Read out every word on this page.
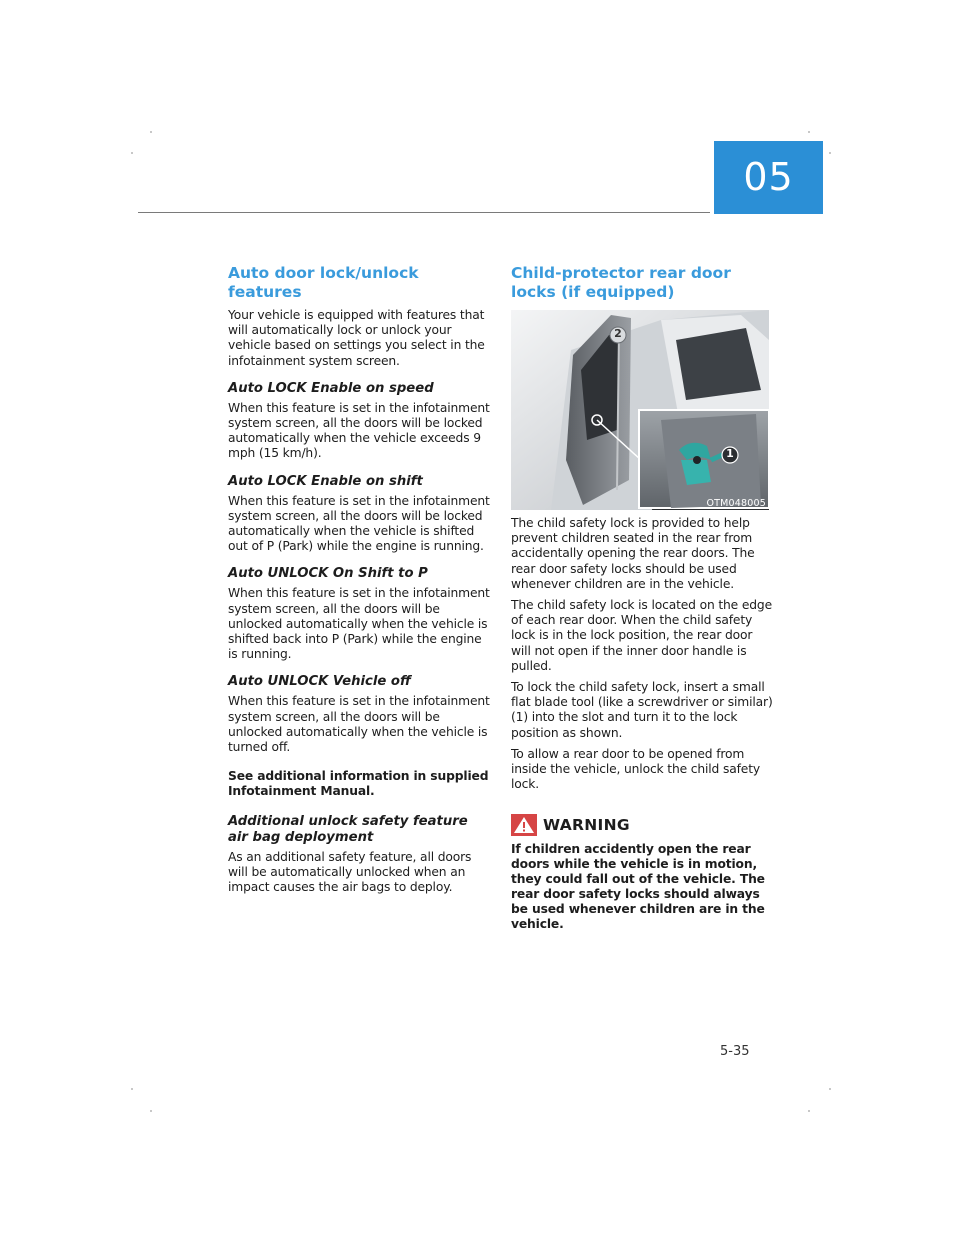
05
Auto door lock/unlock features

Your vehicle is equipped with features that will automatically lock or unlock your vehicle based on settings you select in the infotainment system screen.

Auto LOCK Enable on speed

When this feature is set in the infotainment system screen, all the doors will be locked automatically when the vehicle exceeds 9 mph (15 km/h).

Auto LOCK Enable on shift

When this feature is set in the infotainment system screen, all the doors will be locked automatically when the vehicle is shifted out of P (Park) while the engine is running.

Auto UNLOCK On Shift to P

When this feature is set in the infotainment system screen, all the doors will be unlocked automatically when the vehicle is shifted back into P (Park) while the engine is running.

Auto UNLOCK Vehicle off

When this feature is set in the infotainment system screen, all the doors will be unlocked automatically when the vehicle is turned off.

See additional information in supplied Infotainment Manual.

Additional unlock safety feature air bag deployment

As an additional safety feature, all doors will be automatically unlocked when an impact causes the air bags to deploy.

Child-protector rear door locks (if equipped)
1
2
OTM048005

The child safety lock is provided to help prevent children seated in the rear from accidentally opening the rear doors. The rear door safety locks should be used whenever children are in the vehicle.

The child safety lock is located on the edge of each rear door. When the child safety lock is in the lock position, the rear door will not open if the inner door handle is pulled.

To lock the child safety lock, insert a small flat blade tool (like a screwdriver or similar) (1) into the slot and turn it to the lock position as shown.

To allow a rear door to be opened from inside the vehicle, unlock the child safety lock.

WARNING

If children accidently open the rear doors while the vehicle is in motion, they could fall out of the vehicle. The rear door safety locks should always be used whenever children are in the vehicle.

5-35
